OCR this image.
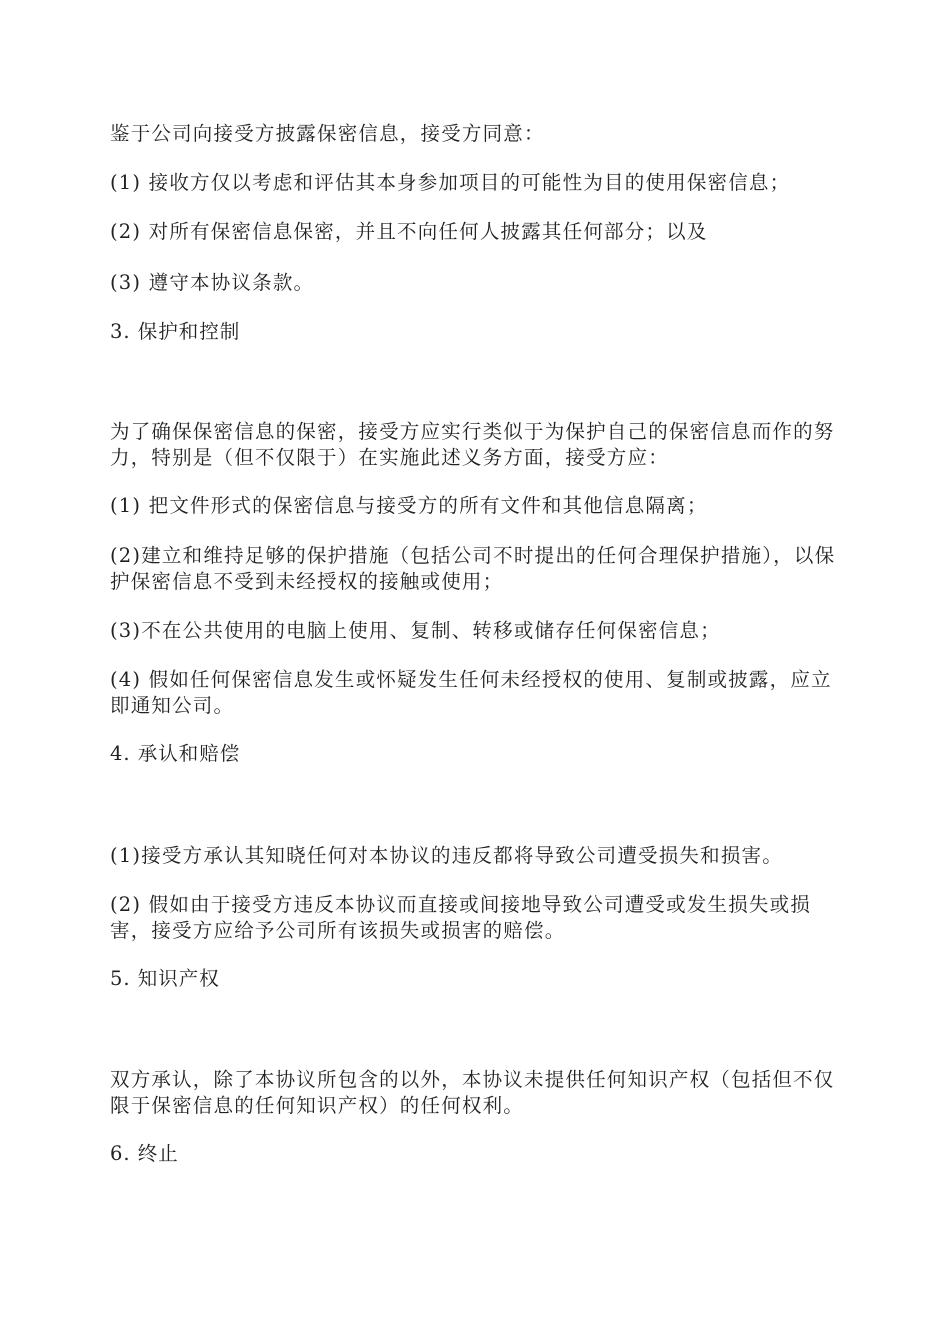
鉴于公司向接受方披露保密信息，接受方同意：

(1) 接收方仅以考虑和评估其本身参加项目的可能性为目的使用保密信息；

(2) 对所有保密信息保密，并且不向任何人披露其任何部分；以及

(3) 遵守本协议条款。

3. 保护和控制

为了确保保密信息的保密，接受方应实行类似于为保护自己的保密信息而作的努力，特别是（但不仅限于）在实施此述义务方面，接受方应：

(1) 把文件形式的保密信息与接受方的所有文件和其他信息隔离；

(2)建立和维持足够的保护措施（包括公司不时提出的任何合理保护措施），以保护保密信息不受到未经授权的接触或使用；

(3)不在公共使用的电脑上使用、复制、转移或储存任何保密信息；

(4) 假如任何保密信息发生或怀疑发生任何未经授权的使用、复制或披露，应立即通知公司。

4. 承认和赔偿

(1)接受方承认其知晓任何对本协议的违反都将导致公司遭受损失和损害。

(2) 假如由于接受方违反本协议而直接或间接地导致公司遭受或发生损失或损害，接受方应给予公司所有该损失或损害的赔偿。

5. 知识产权

双方承认，除了本协议所包含的以外，本协议未提供任何知识产权（包括但不仅限于保密信息的任何知识产权）的任何权利。

6. 终止
